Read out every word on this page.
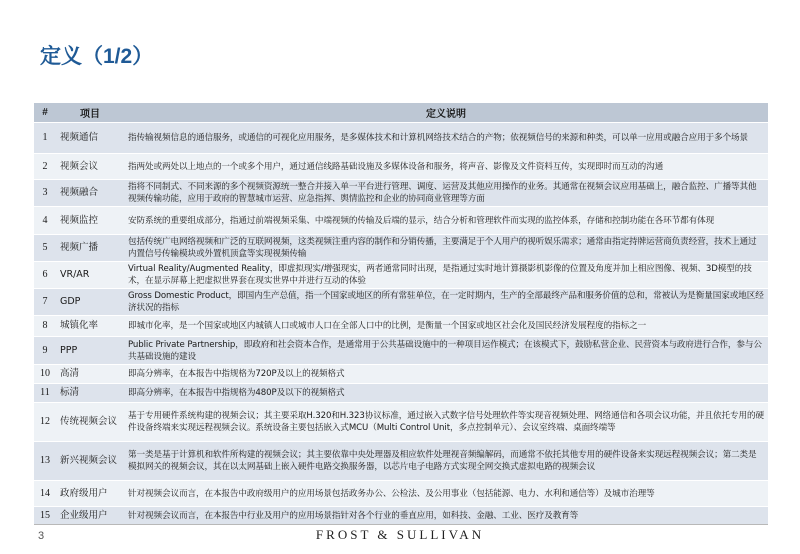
定义（1/2）
#	项目	定义说明
1	视频通信	指传输视频信息的通信服务，或通信的可视化应用服务，是多媒体技术和计算机网络技术结合的产物；依视频信号的来源和种类，可以单一应用或融合应用于多个场景
2	视频会议	指两处或两处以上地点的一个或多个用户，通过通信线路基础设施及多媒体设备和服务，将声音、影像及文件资料互传，实现即时而互动的沟通
3	视频融合	指将不同制式、不同来源的多个视频资源统一整合并接入单一平台进行管理、调度、运营及其他应用操作的业务。其通常在视频会议应用基础上，融合监控、广播等其他视频传输功能，应用于政府的智慧城市运营、应急指挥、舆情监控和企业的协同商业管理等方面
4	视频监控	安防系统的重要组成部分，指通过前端视频采集、中端视频的传输及后端的显示，结合分析和管理软件而实现的监控体系，存储和控制功能在各环节都有体现
5	视频广播	包括传统广电网络视频和广泛的互联网视频，这类视频注重内容的制作和分销传播，主要满足于个人用户的视听娱乐需求；通常由指定持牌运营商负责经营，技术上通过内置信号传输模块或外置机顶盒等实现视频传输
6	VR/AR	Virtual Reality/Augmented Reality，即虚拟现实/增强现实，两者通常同时出现，是指通过实时地计算摄影机影像的位置及角度并加上相应图像、视频、3D模型的技术，在显示屏幕上把虚拟世界套在现实世界中并进行互动的体验
7	GDP	Gross Domestic Product，即国内生产总值，指一个国家或地区的所有常驻单位，在一定时期内，生产的全部最终产品和服务价值的总和，常被认为是衡量国家或地区经济状况的指标
8	城镇化率	即城市化率，是一个国家或地区内城镇人口或城市人口在全部人口中的比例，是衡量一个国家或地区社会化及国民经济发展程度的指标之一
9	PPP	Public Private Partnership，即政府和社会资本合作，是通常用于公共基础设施中的一种项目运作模式；在该模式下，鼓励私营企业、民营资本与政府进行合作，参与公共基础设施的建设
10	高清	即高分辨率，在本报告中指规格为720P及以上的视频格式
11	标清	即高分辨率，在本报告中指规格为480P及以下的视频格式
12	传统视频会议	基于专用硬件系统构建的视频会议；其主要采取H.320和H.323协议标准，通过嵌入式数字信号处理软件等实现音视频处理、网络通信和各项会议功能，并且依托专用的硬件设备终端来实现远程视频会议。系统设备主要包括嵌入式MCU（Multi Control Unit，多点控制单元）、会议室终端、桌面终端等
13	新兴视频会议	第一类是基于计算机和软件所构建的视频会议；其主要依靠中央处理器及相应软件处理视音频编解码，而通常不依托其他专用的硬件设备来实现远程视频会议；第二类是模拟网关的视频会议，其在以太网基础上嵌入硬件电路交换服务器，以芯片电子电路方式实现全网交换式虚拟电路的视频会议
14	政府级用户	针对视频会议而言，在本报告中政府级用户的应用场景包括政务办公、公检法、及公用事业（包括能源、电力、水利和通信等）及城市治理等
15	企业级用户	针对视频会议而言，在本报告中行业及用户的应用场景指针对各个行业的垂直应用，如科技、金融、工业、医疗及教育等
3	FROST & SULLIVAN
